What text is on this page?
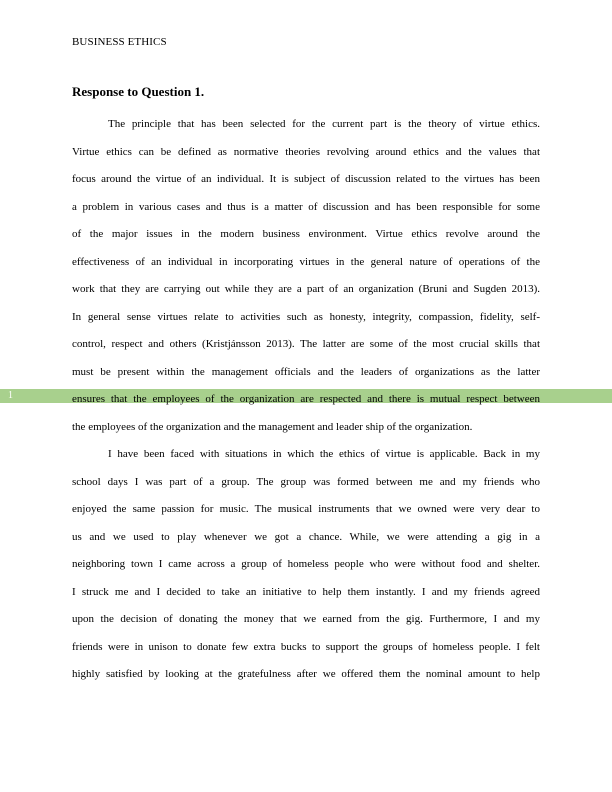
1
BUSINESS ETHICS
Response to Question 1.
The principle that has been selected for the current part is the theory of virtue ethics.
Virtue ethics can be defined as normative theories revolving around ethics and the values that
focus around the virtue of an individual. It is subject of discussion related to the virtues has been
a problem in various cases and thus is a matter of discussion and has been responsible for some
of the major issues in the modern business environment. Virtue ethics revolve around the
effectiveness of an individual in incorporating virtues in the general nature of operations of the
work that they are carrying out while they are a part of an organization (Bruni and Sugden 2013).
In general sense virtues relate to activities such as honesty, integrity, compassion, fidelity, self-
control, respect and others (Kristjánsson 2013). The latter are some of the most crucial skills that
must be present within the management officials and the leaders of organizations as the latter
ensures that the employees of the organization are respected and there is mutual respect between
the employees of the organization and the management and leader ship of the organization.
I have been faced with situations in which the ethics of virtue is applicable. Back in my
school days I was part of a group. The group was formed between me and my friends who
enjoyed the same passion for music. The musical instruments that we owned were very dear to
us and we used to play whenever we got a chance. While, we were attending a gig in a
neighboring town I came across a group of homeless people who were without food and shelter.
I struck me and I decided to take an initiative to help them instantly. I and my friends agreed
upon the decision of donating the money that we earned from the gig. Furthermore, I and my
friends were in unison to donate few extra bucks to support the groups of homeless people. I felt
highly satisfied by looking at the gratefulness after we offered them the nominal amount to help
